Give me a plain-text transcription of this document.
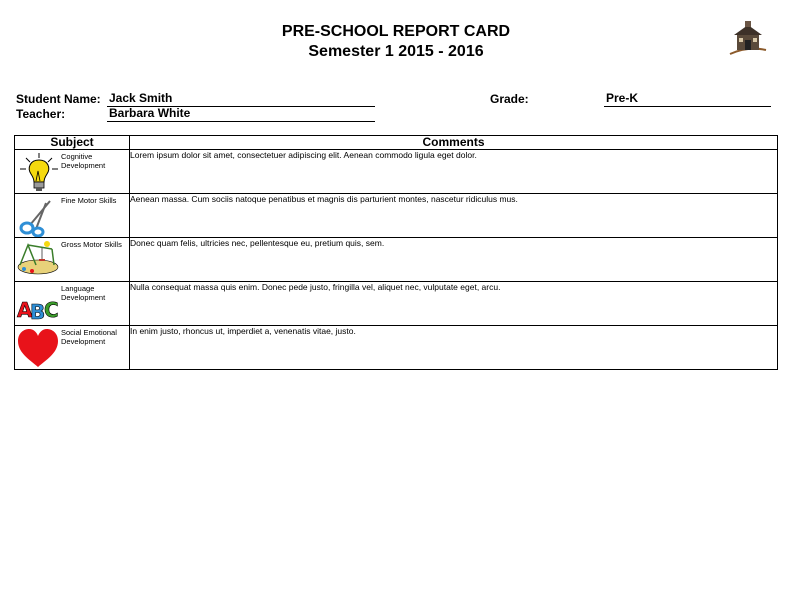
PRE-SCHOOL REPORT CARD
Semester 1 2015 - 2016
Student Name: Jack Smith
Teacher:	Barbara White
Grade:	Pre-K
Subject	Comments

Cognitive Development	Lorem ipsum dolor sit amet, consectetuer adipiscing elit. Aenean commodo ligula eget dolor.

Fine Motor Skills	Aenean massa. Cum sociis natoque penatibus et magnis dis parturient montes, nascetur ridiculus mus.

Gross Motor Skills	Donec quam felis, ultricies nec, pellentesque eu, pretium quis, sem.

A
B
C
Language Development	Nulla consequat massa quis enim. Donec pede justo, fringilla vel, aliquet nec, vulputate eget, arcu.

Social Emotional Development	In enim justo, rhoncus ut, imperdiet a, venenatis vitae, justo.
